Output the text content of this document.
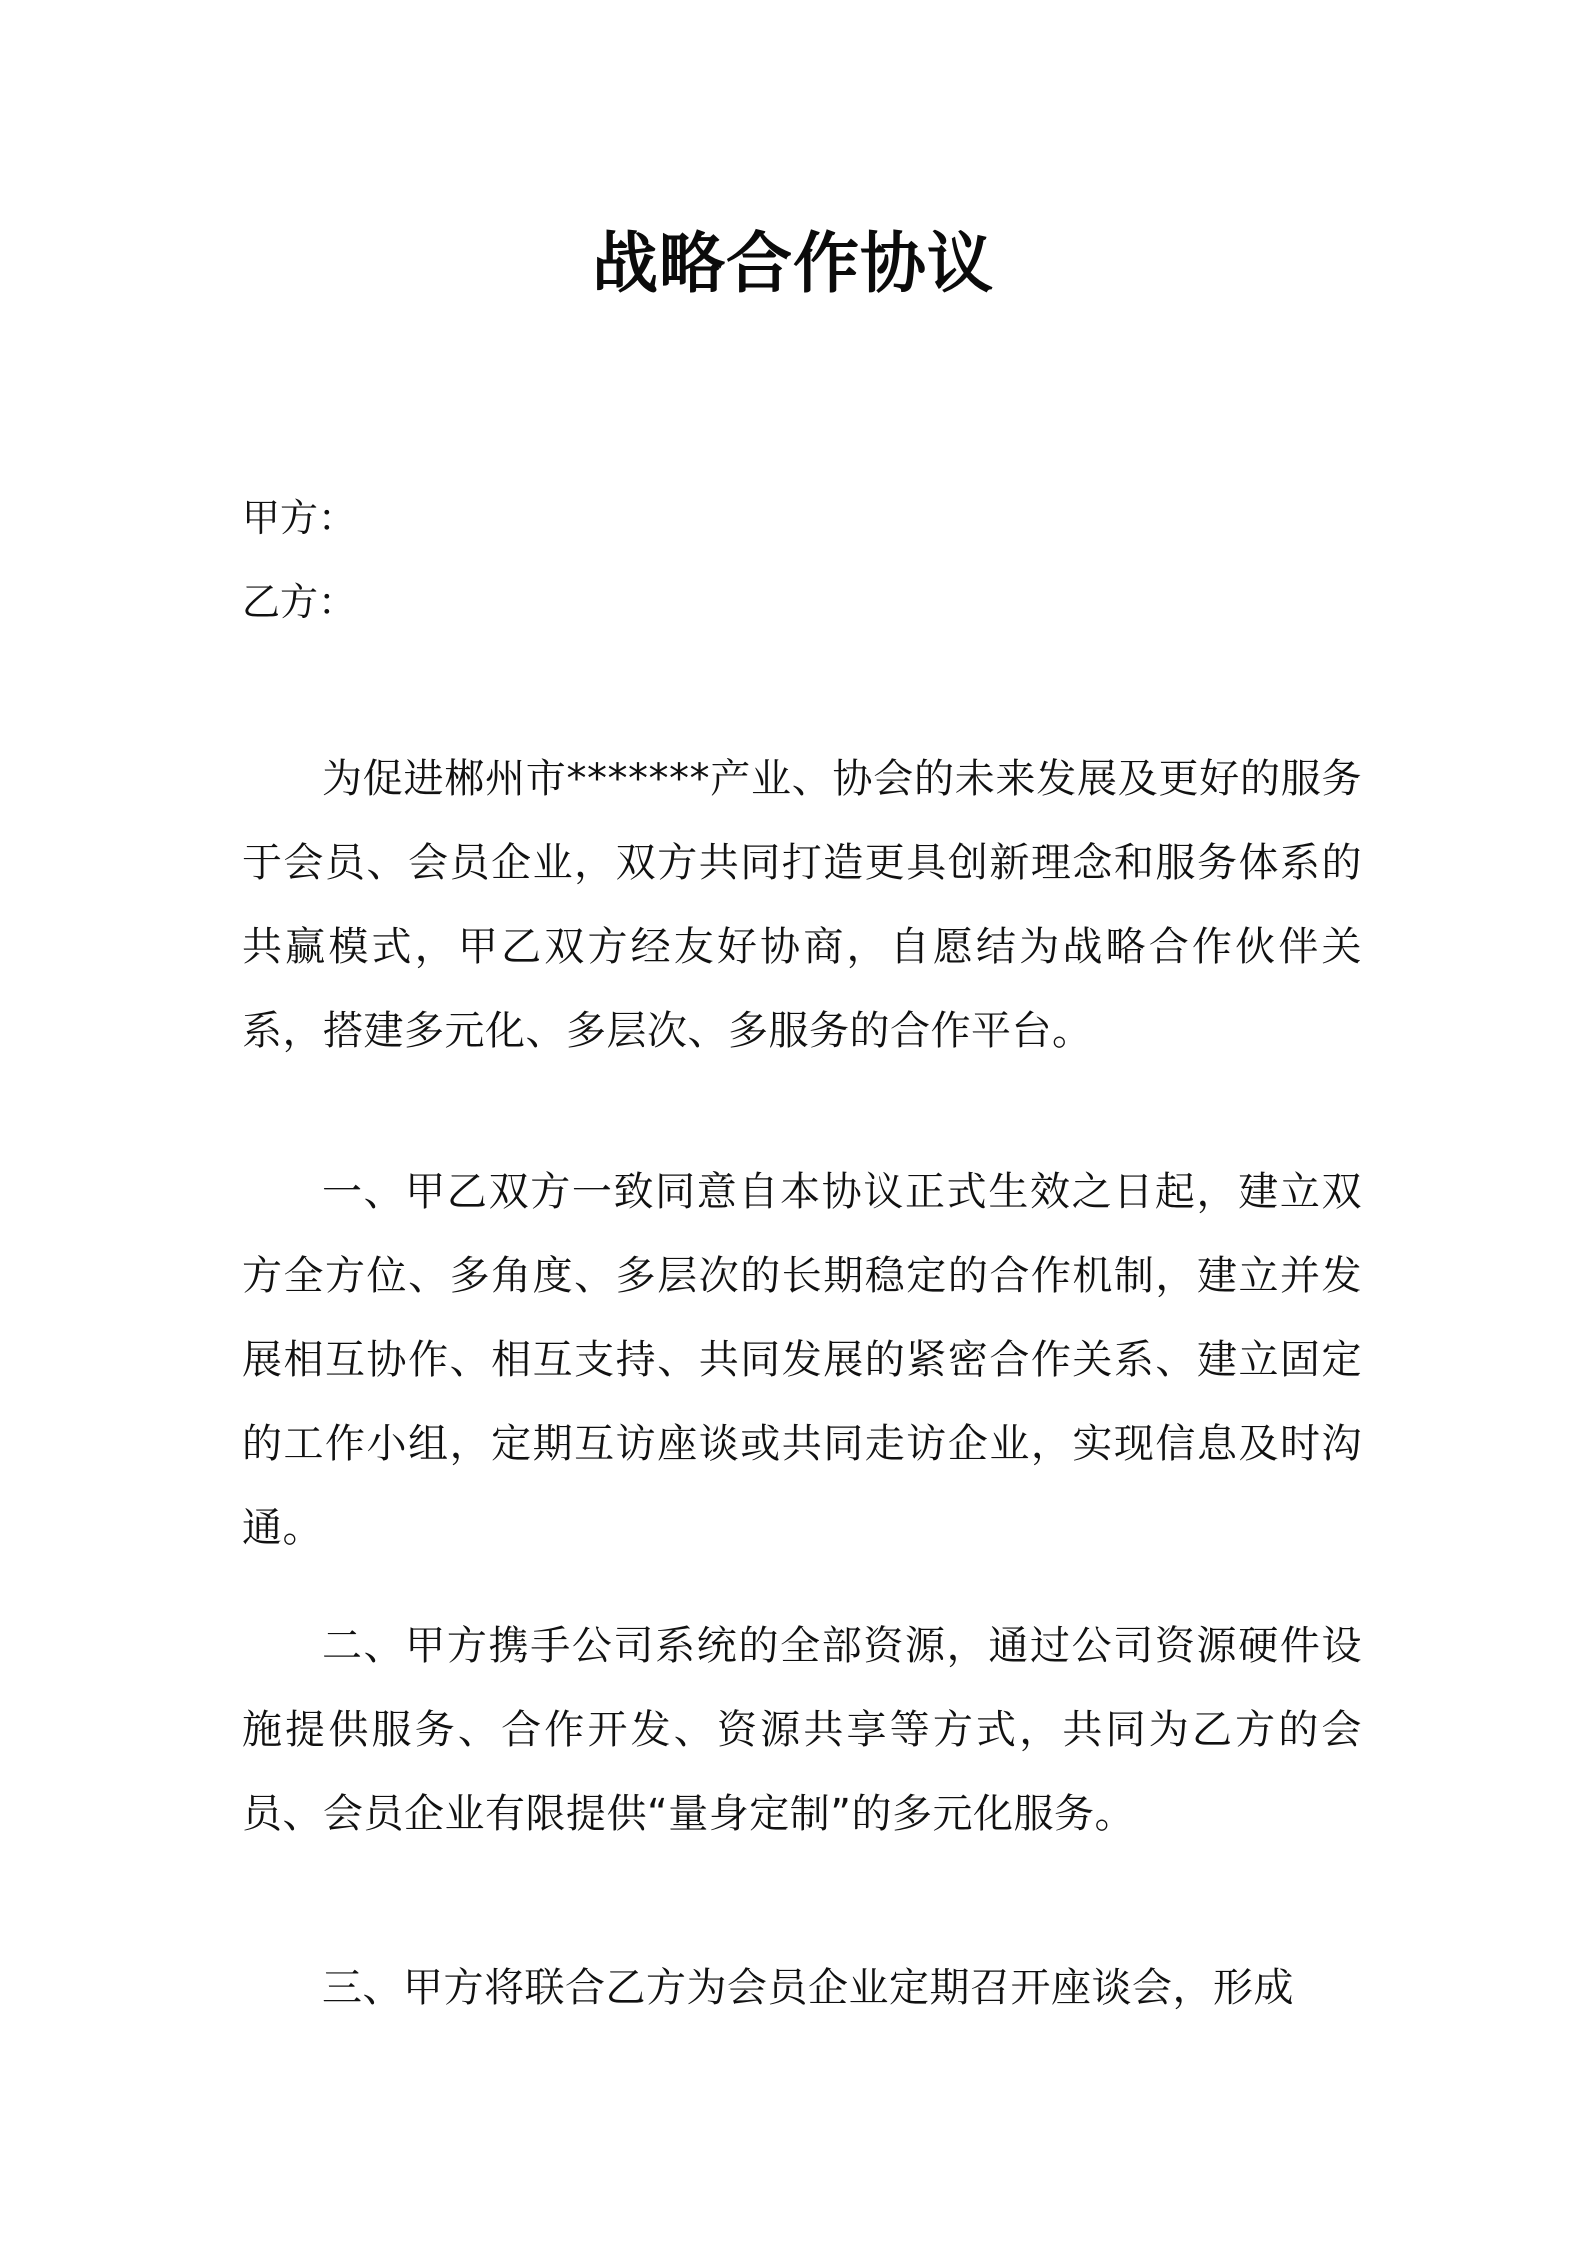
战略合作协议
甲方：
乙方：
为促进郴州市*******产业、协会的未来发展及更好的服务于会员、会员企业，双方共同打造更具创新理念和服务体系的共赢模式，甲乙双方经友好协商，自愿结为战略合作伙伴关系，搭建多元化、多层次、多服务的合作平台。
一、甲乙双方一致同意自本协议正式生效之日起，建立双方全方位、多角度、多层次的长期稳定的合作机制，建立并发展相互协作、相互支持、共同发展的紧密合作关系、建立固定的工作小组，定期互访座谈或共同走访企业，实现信息及时沟通。
二、甲方携手公司系统的全部资源，通过公司资源硬件设施提供服务、合作开发、资源共享等方式，共同为乙方的会员、会员企业有限提供“量身定制”的多元化服务。
三、甲方将联合乙方为会员企业定期召开座谈会，形成
